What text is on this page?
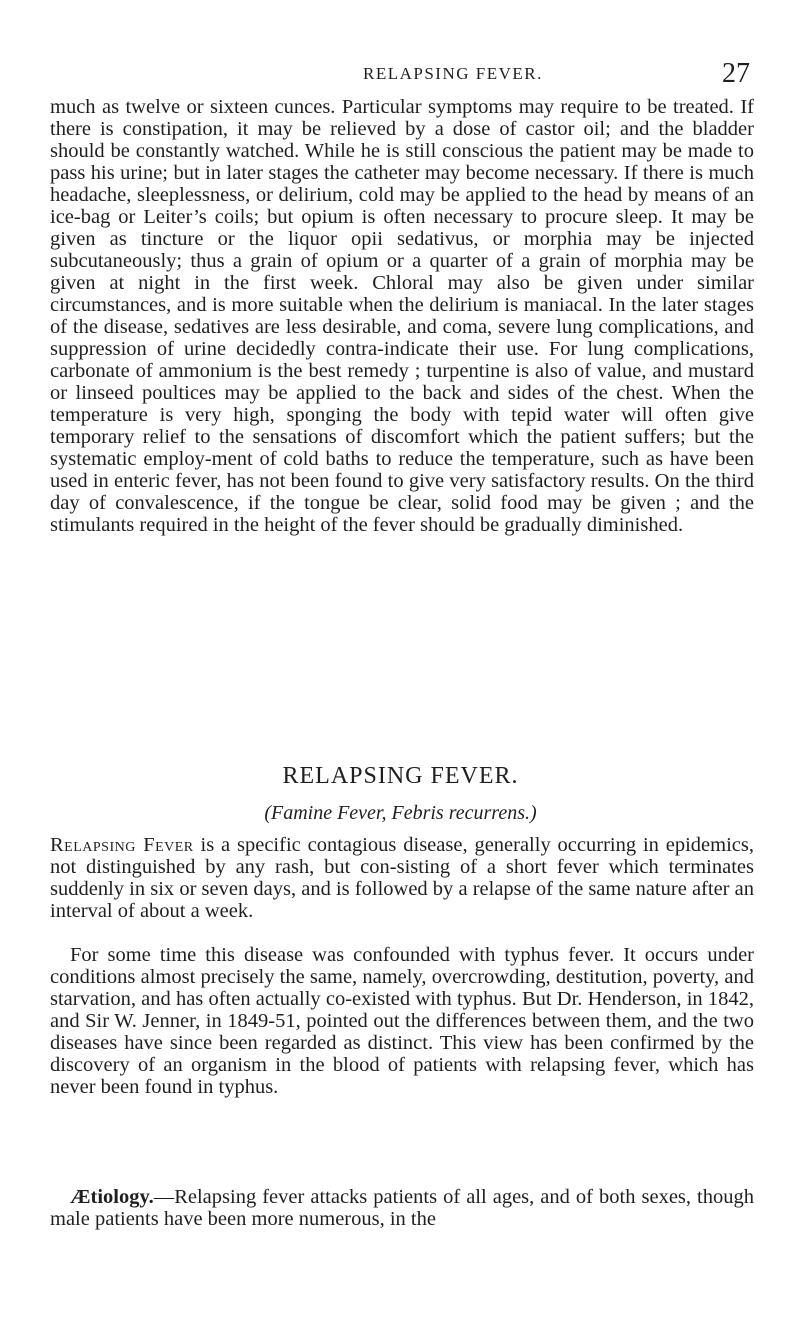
RELAPSING FEVER.	27

much as twelve or sixteen cunces. Particular symptoms may require to be treated. If there is constipation, it may be relieved by a dose of castor oil; and the bladder should be constantly watched. While he is still conscious the patient may be made to pass his urine; but in later stages the catheter may become necessary. If there is much headache, sleeplessness, or delirium, cold may be applied to the head by means of an ice-bag or Leiter’s coils; but opium is often necessary to procure sleep. It may be given as tincture or the liquor opii sedativus, or morphia may be injected subcutaneously; thus a grain of opium or a quarter of a grain of morphia may be given at night in the first week. Chloral may also be given under similar circumstances, and is more suitable when the delirium is maniacal. In the later stages of the disease, sedatives are less desirable, and coma, severe lung complications, and suppression of urine decidedly contra-indicate their use. For lung complications, carbonate of ammonium is the best remedy ; turpentine is also of value, and mustard or linseed poultices may be applied to the back and sides of the chest. When the temperature is very high, sponging the body with tepid water will often give temporary relief to the sensations of discomfort which the patient suffers; but the systematic employ-ment of cold baths to reduce the temperature, such as have been used in enteric fever, has not been found to give very satisfactory results. On the third day of convalescence, if the tongue be clear, solid food may be given ; and the stimulants required in the height of the fever should be gradually diminished.

RELAPSING FEVER.

(Famine Fever, Febris recurrens.)

Relapsing Fever is a specific contagious disease, generally occurring in epidemics, not distinguished by any rash, but con-sisting of a short fever which terminates suddenly in six or seven days, and is followed by a relapse of the same nature after an interval of about a week.

For some time this disease was confounded with typhus fever. It occurs under conditions almost precisely the same, namely, overcrowding, destitution, poverty, and starvation, and has often actually co-existed with typhus. But Dr. Henderson, in 1842, and Sir W. Jenner, in 1849-51, pointed out the differences between them, and the two diseases have since been regarded as distinct. This view has been confirmed by the discovery of an organism in the blood of patients with relapsing fever, which has never been found in typhus.

Ætiology.—Relapsing fever attacks patients of all ages, and of both sexes, though male patients have been more numerous, in the
